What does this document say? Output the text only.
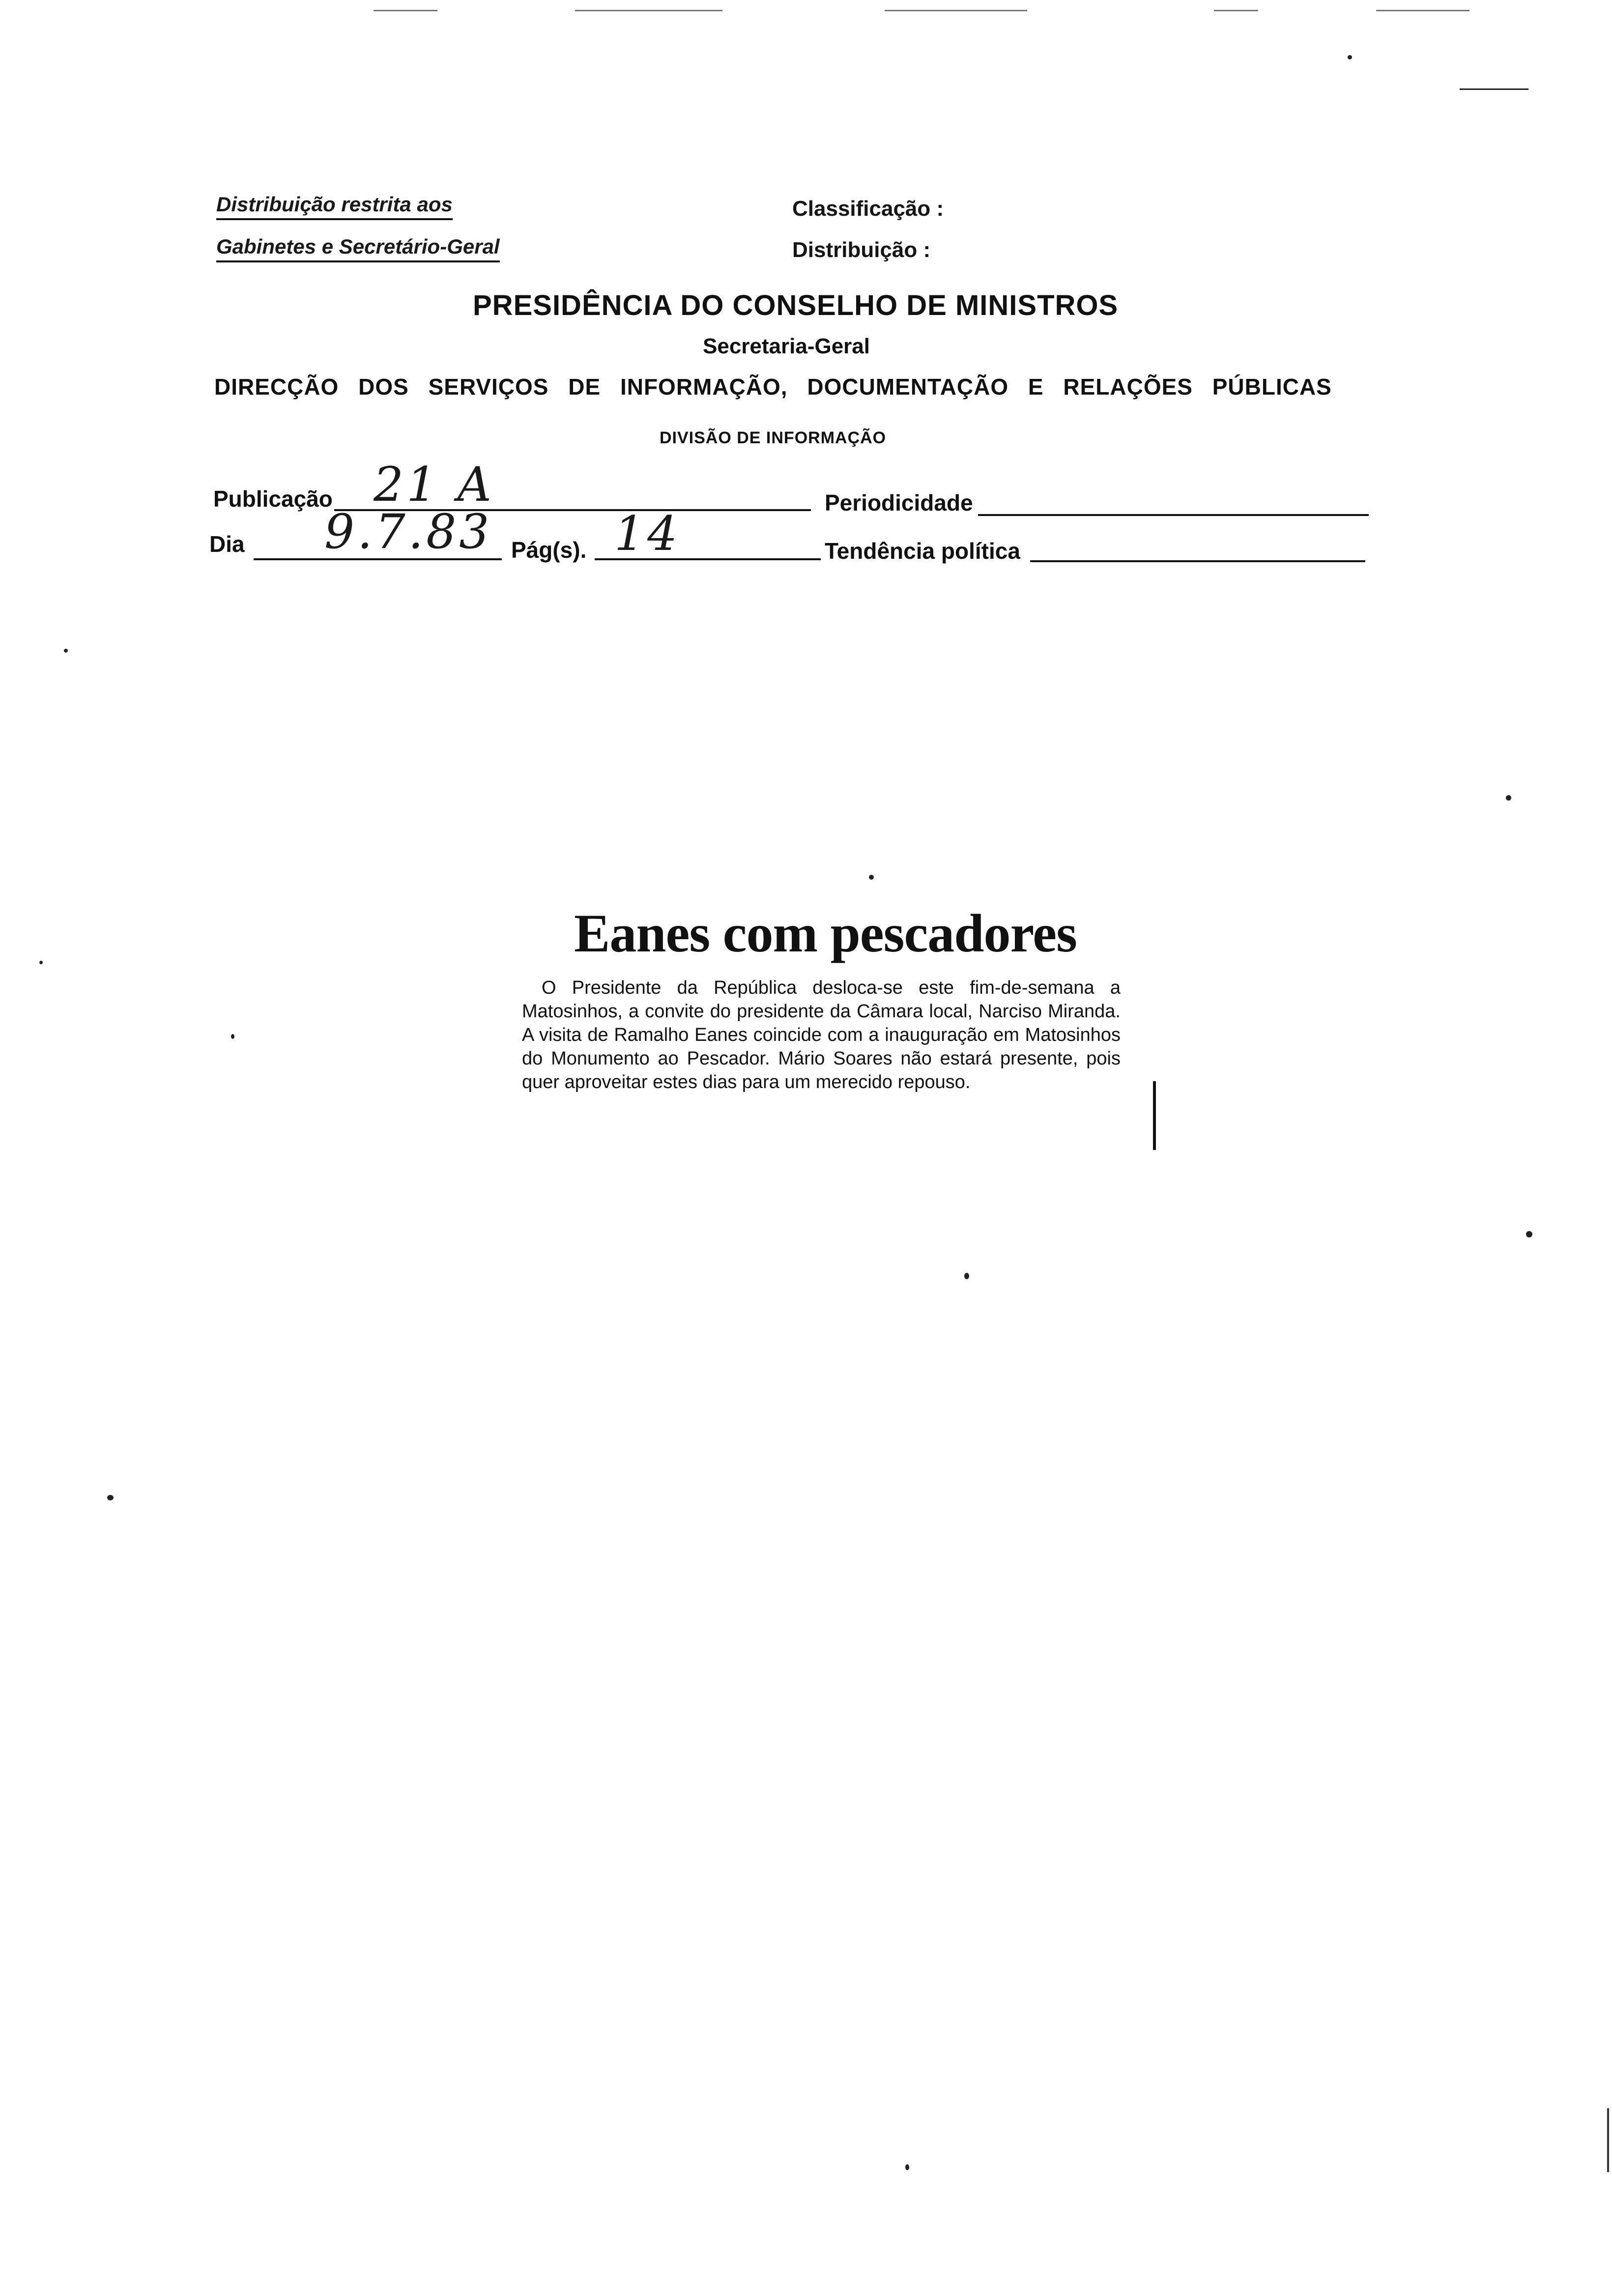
Distribuição restrita aos
Gabinetes e Secretário-Geral
Classificação :
Distribuição :
PRESIDÊNCIA DO CONSELHO DE MINISTROS
Secretaria-Geral
DIRECÇÃO DOS SERVIÇOS DE INFORMAÇÃO, DOCUMENTAÇÃO E RELAÇÕES PÚBLICAS
DIVISÃO DE INFORMAÇÃO
Publicação 21 A	Periodicidade
Dia 9.7.83 Pág(s). 14	Tendência política
Eanes com pescadores

O Presidente da República desloca-se este fim-de-semana a Matosinhos, a convite do presidente da Câmara local, Narciso Miranda. A visita de Ramalho Eanes coincide com a inauguração em Matosinhos do Monumento ao Pescador. Mário Soares não estará presente, pois quer aproveitar estes dias para um merecido repouso.
